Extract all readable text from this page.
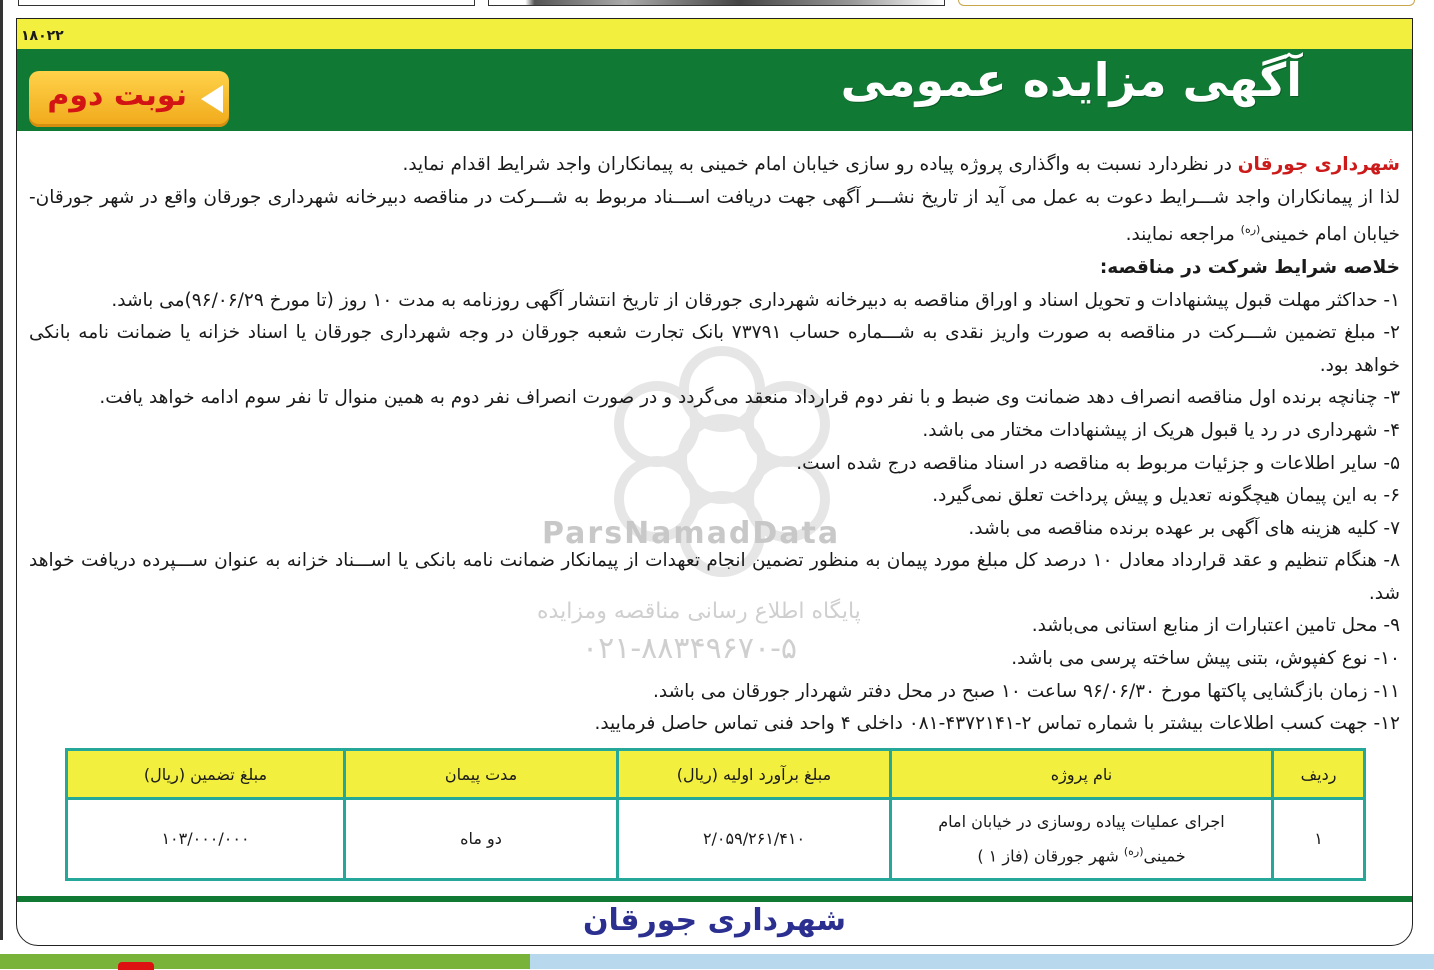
۱۸۰۲۲
آگهی مزایده عمومی
نوبت دوم
ParsNamadData
پایگاه اطلاع رسانی مناقصه ومزایده
۰۲۱-۸۸۳۴۹۶۷۰-۵

شهرداری جورقان در نظردارد نسبت به واگذاری پروژه پیاده رو سازی خیابان امام خمینی به پیمانکاران واجد شرایط اقدام نماید.

لذا از پیمانکاران واجد شـــرایط دعوت به عمل می آید از تاریخ نشـــر آگهی جهت دریافت اســـناد مربوط به شـــرکت در مناقصه دبیرخانه شهرداری جورقان واقع در شهر جورقان-خیابان امام خمینی$^{(ره)}$ مراجعه نمایند.

خلاصه شرایط شرکت در مناقصه:

۱- حداکثر مهلت قبول پیشنهادات و تحویل اسناد و اوراق مناقصه به دبیرخانه شهرداری جورقان از تاریخ انتشار آگهی روزنامه به مدت ۱۰ روز (تا مورخ ۹۶/۰۶/۲۹)می باشد.

۲- مبلغ تضمین شـــرکت در مناقصه به صورت واریز نقدی به شـــماره حساب ۷۳۷۹۱ بانک تجارت شعبه جورقان در وجه شهرداری جورقان یا اسناد خزانه یا ضمانت نامه بانکی خواهد بود.

۳- چنانچه برنده اول مناقصه انصراف دهد ضمانت وی ضبط و با نفر دوم قرارداد منعقد می‌گردد و در صورت انصراف نفر دوم به همین منوال تا نفر سوم ادامه خواهد یافت.

۴- شهرداری در رد یا قبول هریک از پیشنهادات مختار می باشد.

۵- سایر اطلاعات و جزئیات مربوط به مناقصه در اسناد مناقصه درج شده است.

۶- به این پیمان هیچگونه تعدیل و پیش پرداخت تعلق نمی‌گیرد.

۷- کلیه هزینه های آگهی بر عهده برنده مناقصه می باشد.

۸- هنگام تنظیم و عقد قرارداد معادل ۱۰ درصد کل مبلغ مورد پیمان به منظور تضمین انجام تعهدات از پیمانکار ضمانت نامه بانکی یا اســـناد خزانه به عنوان ســـپرده دریافت خواهد شد.

۹- محل تامین اعتبارات از منابع استانی می‌باشد.

۱۰- نوع کفپوش، بتنی پیش ساخته پرسی می باشد.

۱۱- زمان بازگشایی پاکتها مورخ ۹۶/۰۶/۳۰ ساعت ۱۰ صبح در محل دفتر شهردار جورقان می باشد.

۱۲- جهت کسب اطلاعات بیشتر با شماره تماس ۲-۴۳۷۲۱۴۱-۰۸۱ داخلی ۴ واحد فنی تماس حاصل فرمایید.

ردیف	نام پروژه	مبلغ برآورد اولیه (ریال)	مدت پیمان	مبلغ تضمین (ریال)
۱	اجرای عملیات پیاده روسازی در خیابان امام خمینی$^{(ره)}$ شهر جورقان (فاز ۱ )	۲/۰۵۹/۲۶۱/۴۱۰	دو ماه	۱۰۳/۰۰۰/۰۰۰
شهرداری جورقان
